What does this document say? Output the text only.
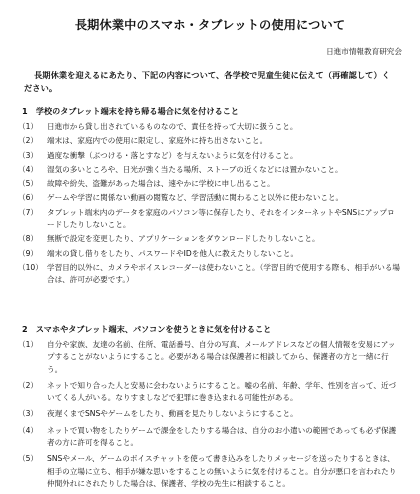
長期休業中のスマホ・タブレットの使用について
日進市情報教育研究会
長期休業を迎えるにあたり、下記の内容について、各学校で児童生徒に伝えて（再確認して）ください。
1　学校のタブレット端末を持ち帰る場合に気を付けること
（1）	日進市から貸し出されているものなので、責任を持って大切に扱うこと。
（2）	端末は、家庭内での使用に限定し、家庭外に持ち出さないこと。
（3）	過度な衝撃（ぶつける・落とすなど）を与えないように気を付けること。
（4）	湿気の多いところや、日光が強く当たる場所、ストーブの近くなどには置かないこと。
（5）	故障や紛失、盗難があった場合は、速やかに学校に申し出ること。
（6）	ゲームや学習に関係ない動画の閲覧など、学習活動に関わること以外に使わないこと。
（7）	タブレット端末内のデータを家庭のパソコン等に保存したり、それをインターネットやSNSにアップロードしたりしないこと。
（8）	無断で設定を変更したり、アプリケーションをダウンロードしたりしないこと。
（9）	端末の貸し借りをしたり、パスワードやIDを他人に教えたりしないこと。
（10） 学習目的以外に、カメラやボイスレコーダーは使わないこと。（学習目的で使用する際も、相手がいる場合は、許可が必要です。）
2　スマホやタブレット端末、パソコンを使うときに気を付けること
（1）	自分や家族、友達の名前、住所、電話番号、自分の写真、メールアドレスなどの個人情報を安易にアップすることがないようにすること。必要がある場合は保護者に相談してから、保護者の方と一緒に行う。
（2）	ネットで知り合った人と安易に会わないようにすること。嘘の名前、年齢、学年、性別を言って、近づいてくる人がいる。なりすましなどで犯罪に巻き込まれる可能性がある。
（3）	夜遅くまでSNSやゲームをしたり、動画を見たりしないようにすること。
（4）	ネットで買い物をしたりゲームで課金をしたりする場合は、自分のお小遣いの範囲であっても必ず保護者の方に許可を得ること。
（5）	SNSやメール、ゲームのボイスチャットを使って書き込みをしたりメッセージを送ったりするときは、相手の立場に立ち、相手が嫌な思いをすることの無いように気を付けること。自分が悪口を言われたり仲間外れにされたりした場合は、保護者、学校の先生に相談すること。
